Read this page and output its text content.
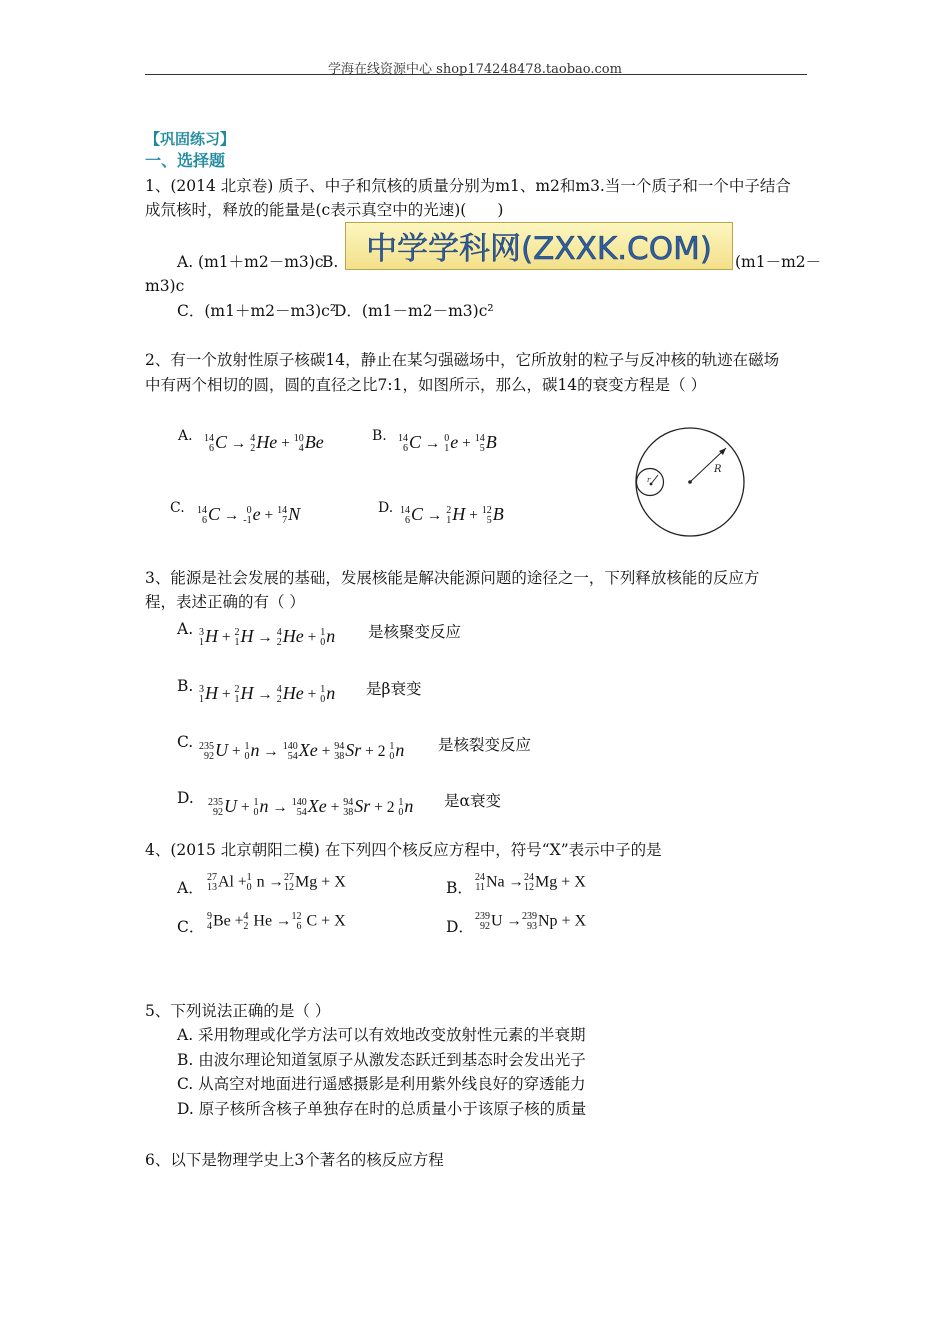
学海在线资源中心 shop174248478.taobao.com
【巩固练习】
一、选择题
1、(2014 北京卷) 质子、中子和氘核的质量分别为m1、m2和m3.当一个质子和一个中子结合
成氘核时，释放的能量是(c表示真空中的光速)(　　)
A. (m1＋m2－m3)c
B. 中学学科网(ZXXK.COM) (m1－m2－
m3)c
C．(m1＋m2－m3)c²
D．(m1－m2－m3)c²
2、有一个放射性原子核碳14，静止在某匀强磁场中，它所放射的粒子与反冲核的轨迹在磁场
中有两个相切的圆，圆的直径之比7:1，如图所示，那么，碳14的衰变方程是（ ）
A. 14
6 C → 4
2 He + 10
4 Be	B. 14
6 C → 0
1 e + 14
5 B
C. 14
6 C → 0
-1 e + 14
7 N	D. 14
6 C → 2
1 H + 12
5 B
R
r
3、能源是社会发展的基础，发展核能是解决能源问题的途径之一，下列释放核能的反应方
程，表述正确的有（ ）
A. 3
1 H + 2
1 H → 4
2 He + 1
0 n 是核聚变反应
B. 3
1 H + 2
1 H → 4
2 He + 1
0 n 是β衰变
C. 235
92 U + 1
0 n → 140
54 Xe + 94
38 Sr + 2 1
0 n 是核裂变反应
D. 235
92 U + 1
0 n → 140
54 Xe + 94
38 Sr + 2 1
0 n 是α衰变
4、(2015 北京朝阳二模) 在下列四个核反应方程中，符号“X”表示中子的是
A．
27
13 Al + 1
0 n → 27
12 Mg + X	B．
24
11 Na → 24
12 Mg + X
C．
9
4 Be + 4
2 He → 12
6 C + X	D．
239
92 U → 239
93 Np + X
5、下列说法正确的是（ ）
A. 采用物理或化学方法可以有效地改变放射性元素的半衰期
B. 由波尔理论知道氢原子从激发态跃迁到基态时会发出光子
C. 从高空对地面进行遥感摄影是利用紫外线良好的穿透能力
D. 原子核所含核子单独存在时的总质量小于该原子核的质量
6、以下是物理学史上3个著名的核反应方程
